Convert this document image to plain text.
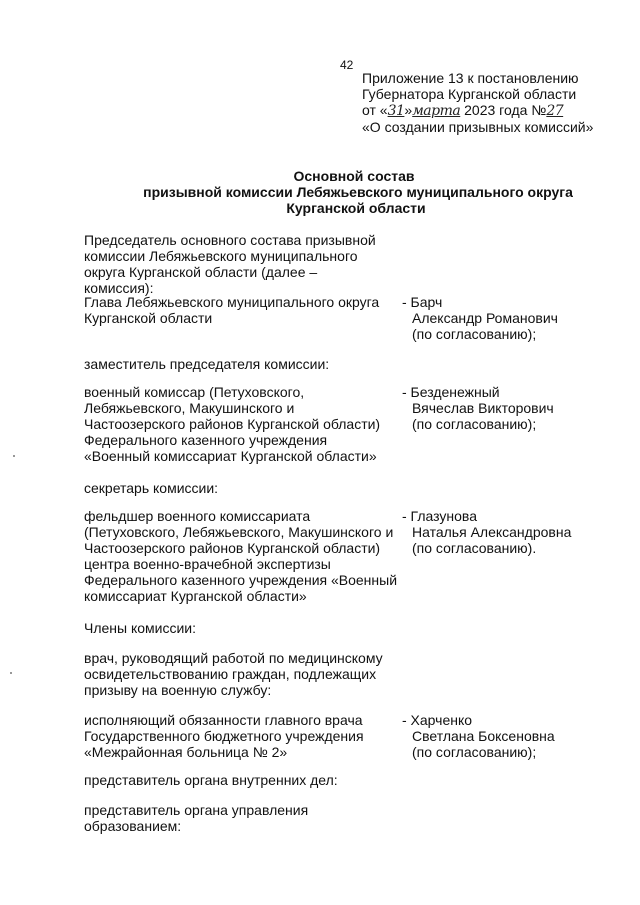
42
Приложение 13 к постановлению
Губернатора Курганской области
от «31»марта 2023 года №27
«О создании призывных комиссий»
Основной состав
призывной комиссии Лебяжьевского муниципального округа
Курганской области
Председатель основного состава призывной комиссии Лебяжьевского муниципального округа Курганской области (далее – комиссия):
Глава Лебяжьевского муниципального округа Курганской области
- Барч
Александр Романович
(по согласованию);
заместитель председателя комиссии:
военный комиссар (Петуховского, Лебяжьевского, Макушинского и Частоозерского районов Курганской области) Федерального казенного учреждения «Военный комиссариат Курганской области»
- Безденежный
Вячеслав Викторович
(по согласованию);
секретарь комиссии:
фельдшер военного комиссариата (Петуховского, Лебяжьевского, Макушинского и Частоозерского районов Курганской области) центра военно-врачебной экспертизы Федерального казенного учреждения «Военный комиссариат Курганской области»
- Глазунова
Наталья Александровна
(по согласованию).
Члены комиссии:
врач, руководящий работой по медицинскому освидетельствованию граждан, подлежащих призыву на военную службу:
исполняющий обязанности главного врача Государственного бюджетного учреждения «Межрайонная больница № 2»
- Харченко
Светлана Боксеновна
(по согласованию);
представитель органа внутренних дел:
представитель органа управления образованием:
